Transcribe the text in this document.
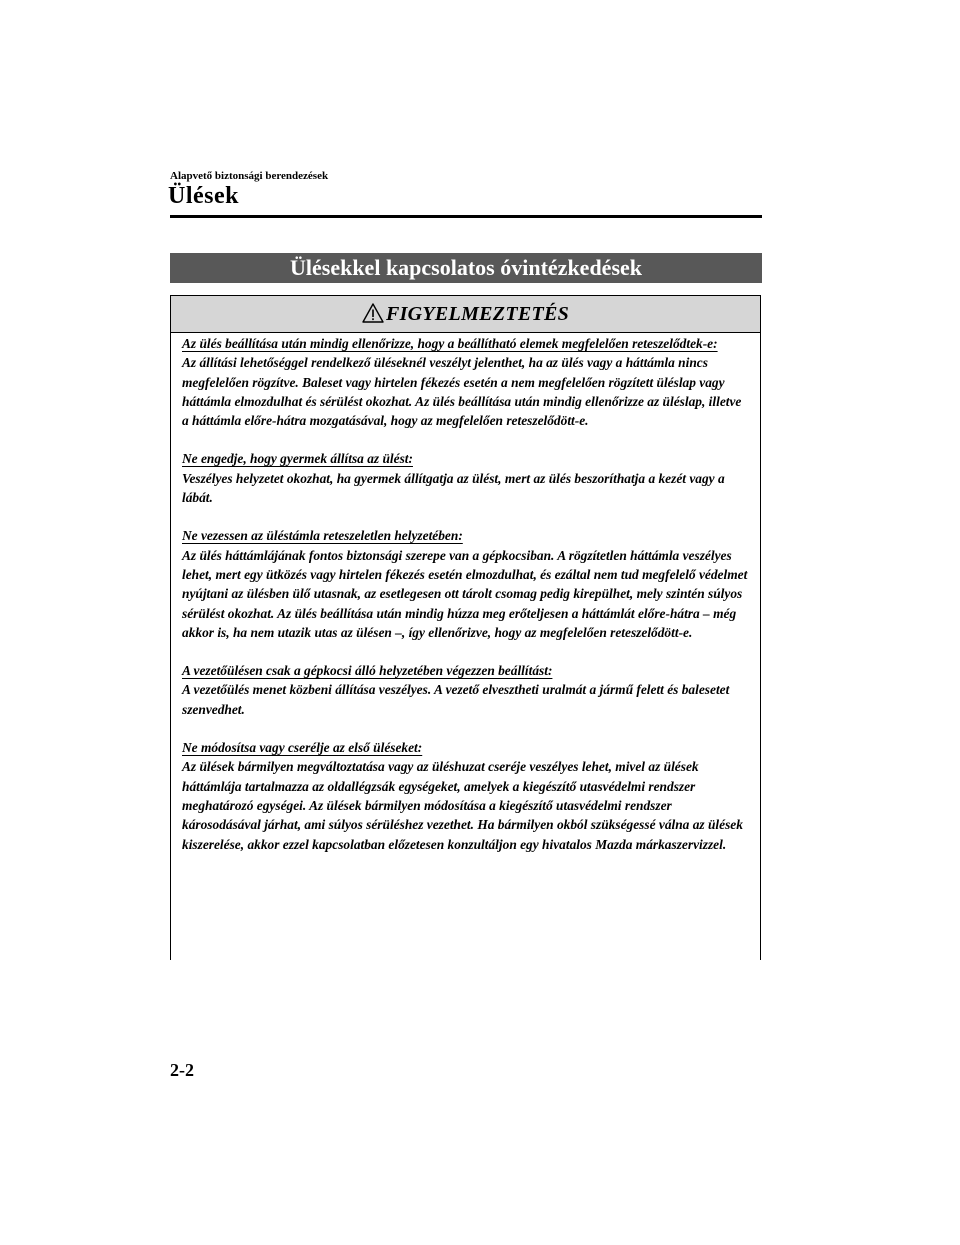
Alapvető biztonsági berendezések
Ülések
Ülésekkel kapcsolatos óvintézkedések
FIGYELMEZTETÉS
Az ülés beállítása után mindig ellenőrizze, hogy a beállítható elemek megfelelően reteszelődtek-e:
Az állítási lehetőséggel rendelkező üléseknél veszélyt jelenthet, ha az ülés vagy a háttámla nincs megfelelően rögzítve. Baleset vagy hirtelen fékezés esetén a nem megfelelően rögzített üléslap vagy háttámla elmozdulhat és sérülést okozhat. Az ülés beállítása után mindig ellenőrizze az üléslap, illetve a háttámla előre-hátra mozgatásával, hogy az megfelelően reteszelődött-e.
Ne engedje, hogy gyermek állítsa az ülést:
Veszélyes helyzetet okozhat, ha gyermek állítgatja az ülést, mert az ülés beszoríthatja a kezét vagy a lábát.
Ne vezessen az üléstámla reteszeletlen helyzetében:
Az ülés háttámlájának fontos biztonsági szerepe van a gépkocsiban. A rögzítetlen háttámla veszélyes lehet, mert egy ütközés vagy hirtelen fékezés esetén elmozdulhat, és ezáltal nem tud megfelelő védelmet nyújtani az ülésben ülő utasnak, az esetlegesen ott tárolt csomag pedig kirepülhet, mely szintén súlyos sérülést okozhat. Az ülés beállítása után mindig húzza meg erőteljesen a háttámlát előre-hátra – még akkor is, ha nem utazik utas az ülésen –, így ellenőrizve, hogy az megfelelően reteszelődött-e.
A vezetőülésen csak a gépkocsi álló helyzetében végezzen beállítást:
A vezetőülés menet közbeni állítása veszélyes. A vezető elvesztheti uralmát a jármű felett és balesetet szenvedhet.
Ne módosítsa vagy cserélje az első üléseket:
Az ülések bármilyen megváltoztatása vagy az üléshuzat cseréje veszélyes lehet, mivel az ülések háttámlája tartalmazza az oldallégzsák egységeket, amelyek a kiegészítő utasvédelmi rendszer meghatározó egységei. Az ülések bármilyen módosítása a kiegészítő utasvédelmi rendszer károsodásával járhat, ami súlyos sérüléshez vezethet. Ha bármilyen okból szükségessé válna az ülések kiszerelése, akkor ezzel kapcsolatban előzetesen konzultáljon egy hivatalos Mazda márkaszervizzel.
2-2
